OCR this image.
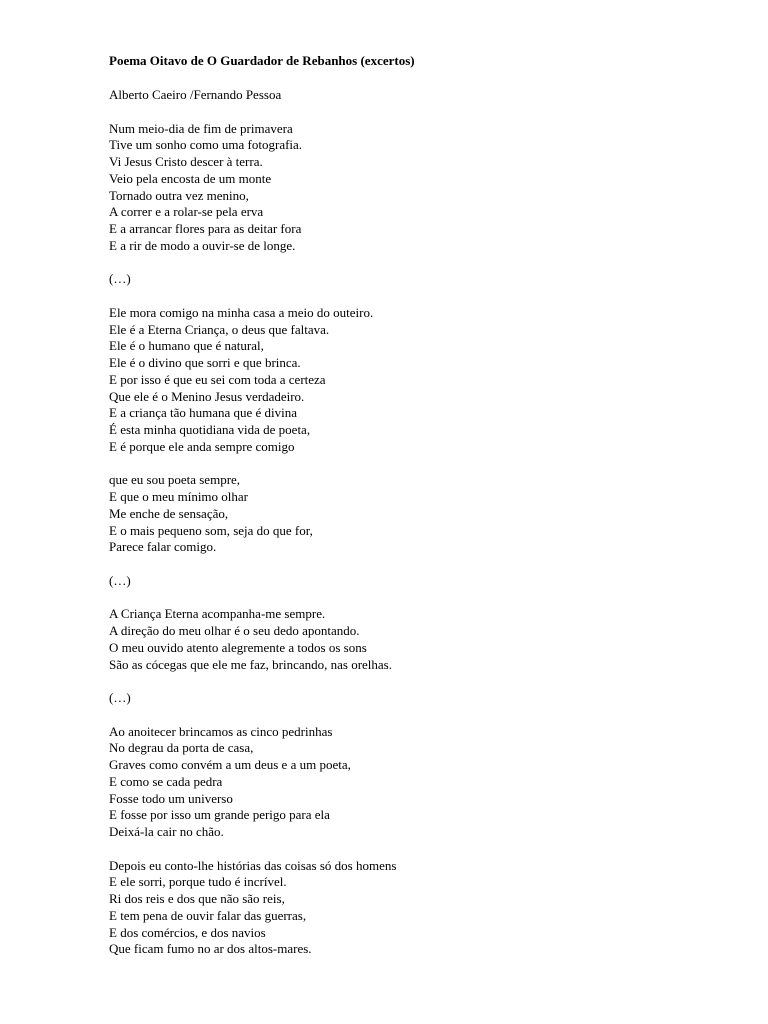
Poema Oitavo de O Guardador de Rebanhos (excertos)

Alberto Caeiro /Fernando Pessoa

Num meio-dia de fim de primavera

Tive um sonho como uma fotografia.

Vi Jesus Cristo descer à terra.

Veio pela encosta de um monte

Tornado outra vez menino,

A correr e a rolar-se pela erva

E a arrancar flores para as deitar fora

E a rir de modo a ouvir-se de longe.

(…)

Ele mora comigo na minha casa a meio do outeiro.

Ele é a Eterna Criança, o deus que faltava.

Ele é o humano que é natural,

Ele é o divino que sorri e que brinca.

E por isso é que eu sei com toda a certeza

Que ele é o Menino Jesus verdadeiro.

E a criança tão humana que é divina

É esta minha quotidiana vida de poeta,

E é porque ele anda sempre comigo

que eu sou poeta sempre,

E que o meu mínimo olhar

Me enche de sensação,

E o mais pequeno som, seja do que for,

Parece falar comigo.

(…)

A Criança Eterna acompanha-me sempre.

A direção do meu olhar é o seu dedo apontando.

O meu ouvido atento alegremente a todos os sons

São as cócegas que ele me faz, brincando, nas orelhas.

(…)

Ao anoitecer brincamos as cinco pedrinhas

No degrau da porta de casa,

Graves como convém a um deus e a um poeta,

E como se cada pedra

Fosse todo um universo

E fosse por isso um grande perigo para ela

Deixá-la cair no chão.

Depois eu conto-lhe histórias das coisas só dos homens

E ele sorri, porque tudo é incrível.

Ri dos reis e dos que não são reis,

E tem pena de ouvir falar das guerras,

E dos comércios, e dos navios

Que ficam fumo no ar dos altos-mares.
